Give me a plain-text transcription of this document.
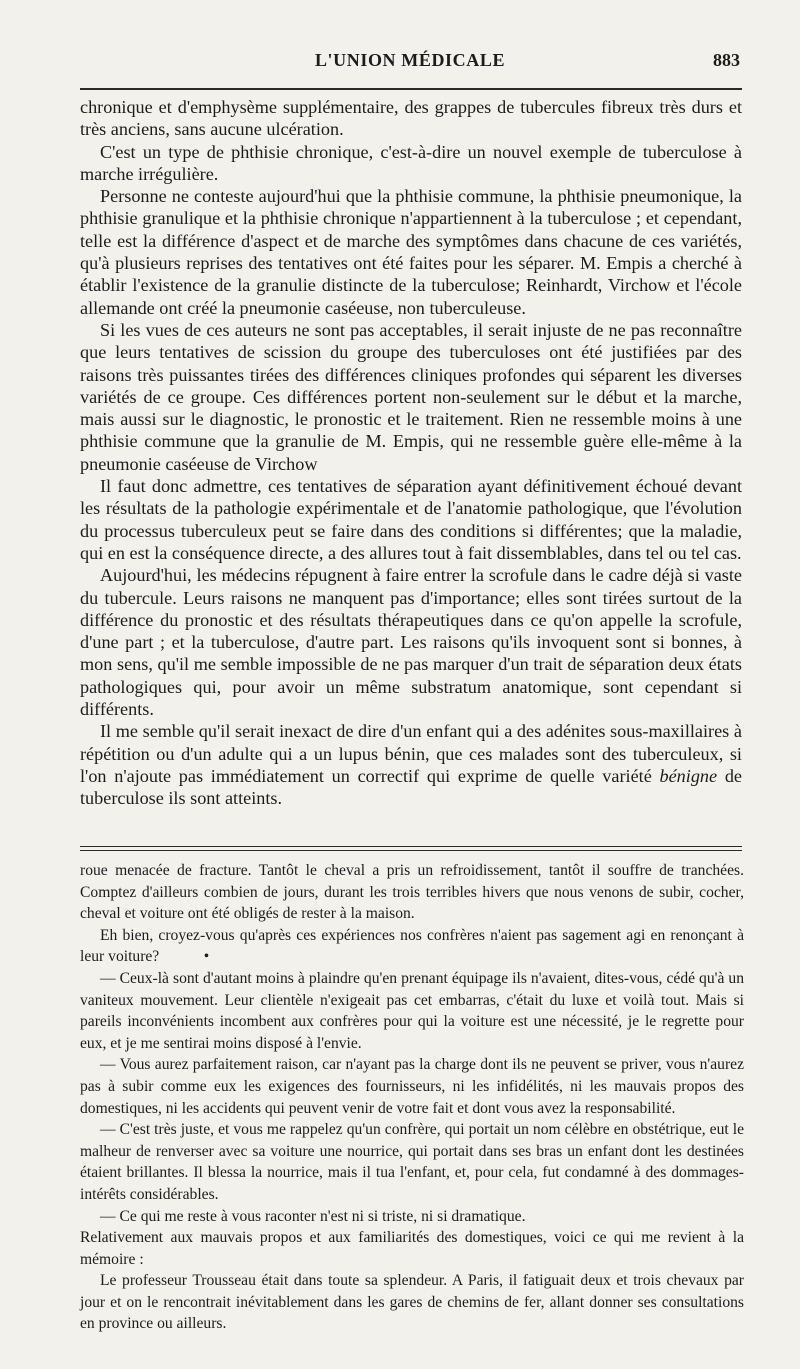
L'UNION MÉDICALE	883

chronique et d'emphysème supplémentaire, des grappes de tubercules fibreux très durs et très anciens, sans aucune ulcération.

C'est un type de phthisie chronique, c'est-à-dire un nouvel exemple de tuberculose à marche irrégulière.

Personne ne conteste aujourd'hui que la phthisie commune, la phthisie pneumonique, la phthisie granulique et la phthisie chronique n'appartiennent à la tuberculose ; et cependant, telle est la différence d'aspect et de marche des symptômes dans chacune de ces variétés, qu'à plusieurs reprises des tentatives ont été faites pour les séparer. M. Empis a cherché à établir l'existence de la granulie distincte de la tuberculose; Reinhardt, Virchow et l'école allemande ont créé la pneumonie caséeuse, non tuberculeuse.

Si les vues de ces auteurs ne sont pas acceptables, il serait injuste de ne pas reconnaître que leurs tentatives de scission du groupe des tuberculoses ont été justifiées par des raisons très puissantes tirées des différences cliniques profondes qui séparent les diverses variétés de ce groupe. Ces différences portent non-seulement sur le début et la marche, mais aussi sur le diagnostic, le pronostic et le traitement. Rien ne ressemble moins à une phthisie commune que la granulie de M. Empis, qui ne ressemble guère elle-même à la pneumonie caséeuse de Virchow

Il faut donc admettre, ces tentatives de séparation ayant définitivement échoué devant les résultats de la pathologie expérimentale et de l'anatomie pathologique, que l'évolution du processus tuberculeux peut se faire dans des conditions si différentes; que la maladie, qui en est la conséquence directe, a des allures tout à fait dissemblables, dans tel ou tel cas.

Aujourd'hui, les médecins répugnent à faire entrer la scrofule dans le cadre déjà si vaste du tubercule. Leurs raisons ne manquent pas d'importance; elles sont tirées surtout de la différence du pronostic et des résultats thérapeutiques dans ce qu'on appelle la scrofule, d'une part ; et la tuberculose, d'autre part. Les raisons qu'ils invoquent sont si bonnes, à mon sens, qu'il me semble impossible de ne pas marquer d'un trait de séparation deux états pathologiques qui, pour avoir un même substratum anatomique, sont cependant si différents.

Il me semble qu'il serait inexact de dire d'un enfant qui a des adénites sous-maxillaires à répétition ou d'un adulte qui a un lupus bénin, que ces malades sont des tuberculeux, si l'on n'ajoute pas immédiatement un correctif qui exprime de quelle variété bénigne de tuberculose ils sont atteints.

roue menacée de fracture. Tantôt le cheval a pris un refroidissement, tantôt il souffre de tranchées. Comptez d'ailleurs combien de jours, durant les trois terribles hivers que nous venons de subir, cocher, cheval et voiture ont été obligés de rester à la maison.

Eh bien, croyez-vous qu'après ces expériences nos confrères n'aient pas sagement agi en renonçant à leur voiture?	•

— Ceux-là sont d'autant moins à plaindre qu'en prenant équipage ils n'avaient, dites-vous, cédé qu'à un vaniteux mouvement. Leur clientèle n'exigeait pas cet embarras, c'était du luxe et voilà tout. Mais si pareils inconvénients incombent aux confrères pour qui la voiture est une nécessité, je le regrette pour eux, et je me sentirai moins disposé à l'envie.

— Vous aurez parfaitement raison, car n'ayant pas la charge dont ils ne peuvent se priver, vous n'aurez pas à subir comme eux les exigences des fournisseurs, ni les infidélités, ni les mauvais propos des domestiques, ni les accidents qui peuvent venir de votre fait et dont vous avez la responsabilité.

— C'est très juste, et vous me rappelez qu'un confrère, qui portait un nom célèbre en obstétrique, eut le malheur de renverser avec sa voiture une nourrice, qui portait dans ses bras un enfant dont les destinées étaient brillantes. Il blessa la nourrice, mais il tua l'enfant, et, pour cela, fut condamné à des dommages-intérêts considérables.

— Ce qui me reste à vous raconter n'est ni si triste, ni si dramatique.

Relativement aux mauvais propos et aux familiarités des domestiques, voici ce qui me revient à la mémoire :

Le professeur Trousseau était dans toute sa splendeur. A Paris, il fatiguait deux et trois chevaux par jour et on le rencontrait inévitablement dans les gares de chemins de fer, allant donner ses consultations en province ou ailleurs.
